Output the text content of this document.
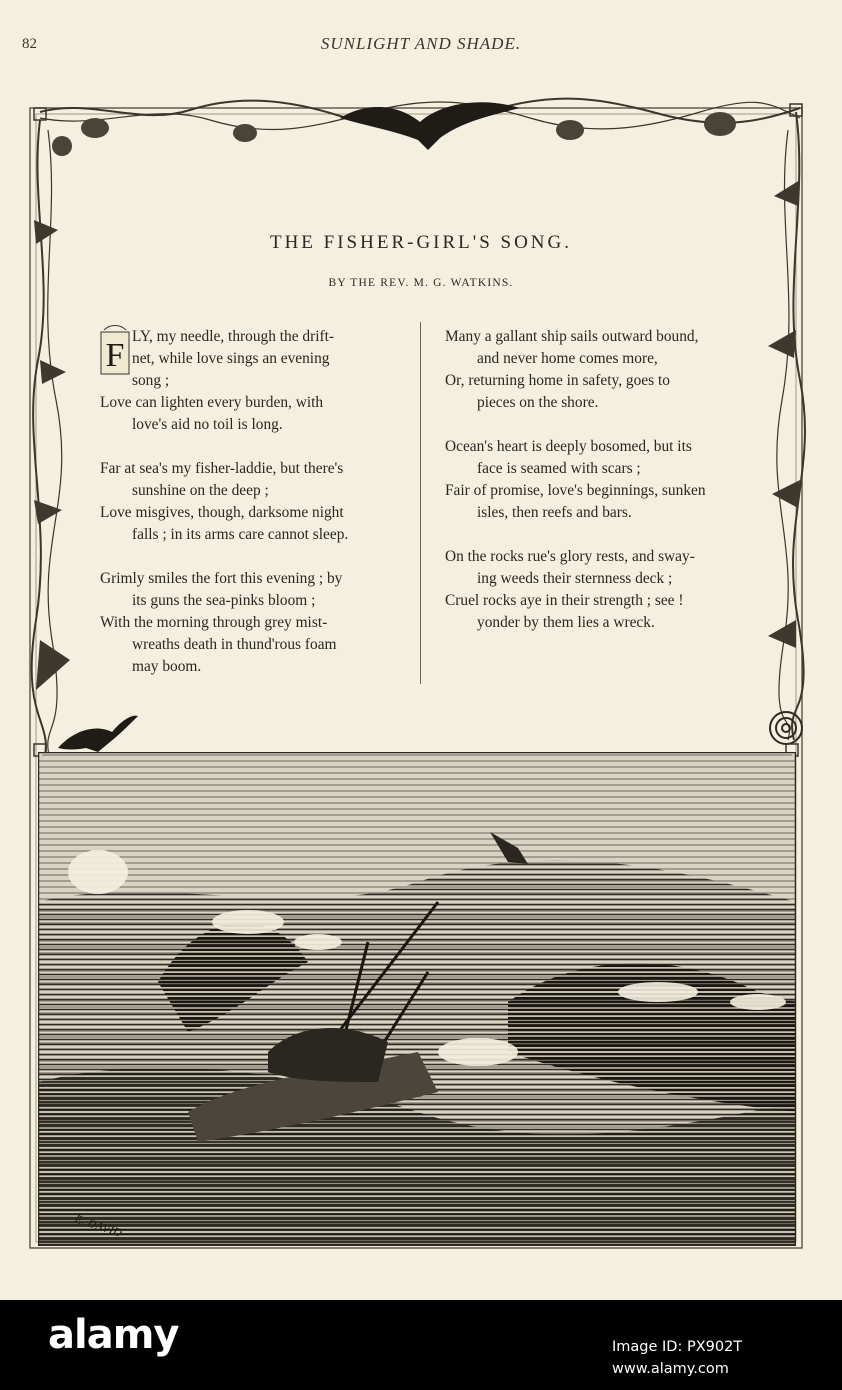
82	SUNLIGHT AND SHADE.
THE FISHER-GIRL'S SONG.
BY THE REV. M. G. WATKINS.
F
LY, my needle, through the drift-
net, while love sings an evening
song ;
Love can lighten every burden, with
love's aid no toil is long.
Far at sea's my fisher-laddie, but there's
sunshine on the deep ;
Love misgives, though, darksome night
falls ; in its arms care cannot sleep.
Grimly smiles the fort this evening ; by
its guns the sea-pinks bloom ;
With the morning through grey mist-
wreaths death in thund'rous foam
may boom.
Many a gallant ship sails outward bound,
and never home comes more,
Or, returning home in safety, goes to
pieces on the shore.
Ocean's heart is deeply bosomed, but its
face is seamed with scars ;
Fair of promise, love's beginnings, sunken
isles, then reefs and bars.
On the rocks rue's glory rests, and sway-
ing weeds their sternness deck ;
Cruel rocks aye in their strength ; see !
yonder by them lies a wreck.
E. DAVID
alamy	Image ID: PX902T
www.alamy.com
